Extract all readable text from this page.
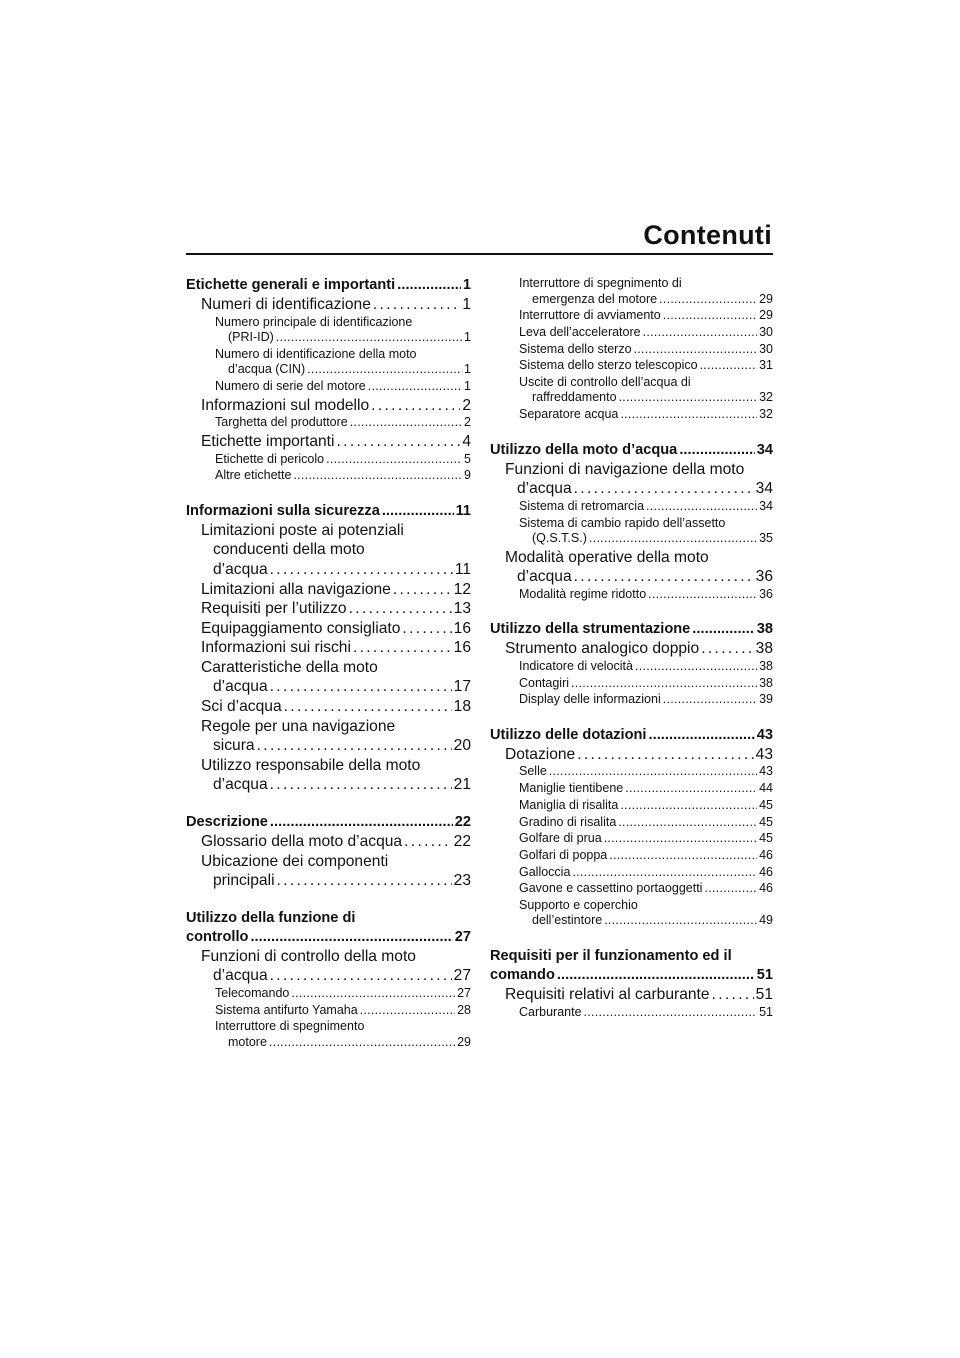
Contenuti
Etichette generali e importanti . . .	1
Numeri di identificazione . . .	1
Numero principale di identificazione
(PRI-ID) . . .	1
Numero di identificazione della moto
d’acqua (CIN) . . .	1
Numero di serie del motore . . .	1
Informazioni sul modello . . .	2
Targhetta del produttore . . .	2
Etichette importanti . . .	4
Etichette di pericolo . . .	5
Altre etichette . . .	9
Informazioni sulla sicurezza . . .	11
Limitazioni poste ai potenziali
conducenti della moto
d’acqua . . .	11
Limitazioni alla navigazione . . .	12
Requisiti per l’utilizzo . . .	13
Equipaggiamento consigliato . . .	16
Informazioni sui rischi . . .	16
Caratteristiche della moto
d’acqua . . .	17
Sci d’acqua . . .	18
Regole per una navigazione
sicura . . .	20
Utilizzo responsabile della moto
d’acqua . . .	21
Descrizione . . .	22
Glossario della moto d’acqua . . .	22
Ubicazione dei componenti
principali . . .	23
Utilizzo della funzione di
controllo . . .	27
Funzioni di controllo della moto
d’acqua . . .	27
Telecomando . . .	27
Sistema antifurto Yamaha . . .	28
Interruttore di spegnimento
motore . . .	29
Interruttore di spegnimento di
emergenza del motore . . .	29
Interruttore di avviamento . . .	29
Leva dell’acceleratore . . .	30
Sistema dello sterzo . . .	30
Sistema dello sterzo telescopico . . .	31
Uscite di controllo dell’acqua di
raffreddamento . . .	32
Separatore acqua . . .	32
Utilizzo della moto d’acqua . . .	34
Funzioni di navigazione della moto
d’acqua . . .	34
Sistema di retromarcia . . .	34
Sistema di cambio rapido dell’assetto
(Q.S.T.S.) . . .	35
Modalità operative della moto
d’acqua . . .	36
Modalità regime ridotto . . .	36
Utilizzo della strumentazione . . .	38
Strumento analogico doppio . . .	38
Indicatore di velocità . . .	38
Contagiri . . .	38
Display delle informazioni . . .	39
Utilizzo delle dotazioni . . .	43
Dotazione . . .	43
Selle . . .	43
Maniglie tientibene . . .	44
Maniglia di risalita . . .	45
Gradino di risalita . . .	45
Golfare di prua . . .	45
Golfari di poppa . . .	46
Galloccia . . .	46
Gavone e cassettino portaoggetti . . .	46
Supporto e coperchio
dell’estintore . . .	49
Requisiti per il funzionamento ed il
comando . . .	51
Requisiti relativi al carburante . . .	51
Carburante . . .	51
